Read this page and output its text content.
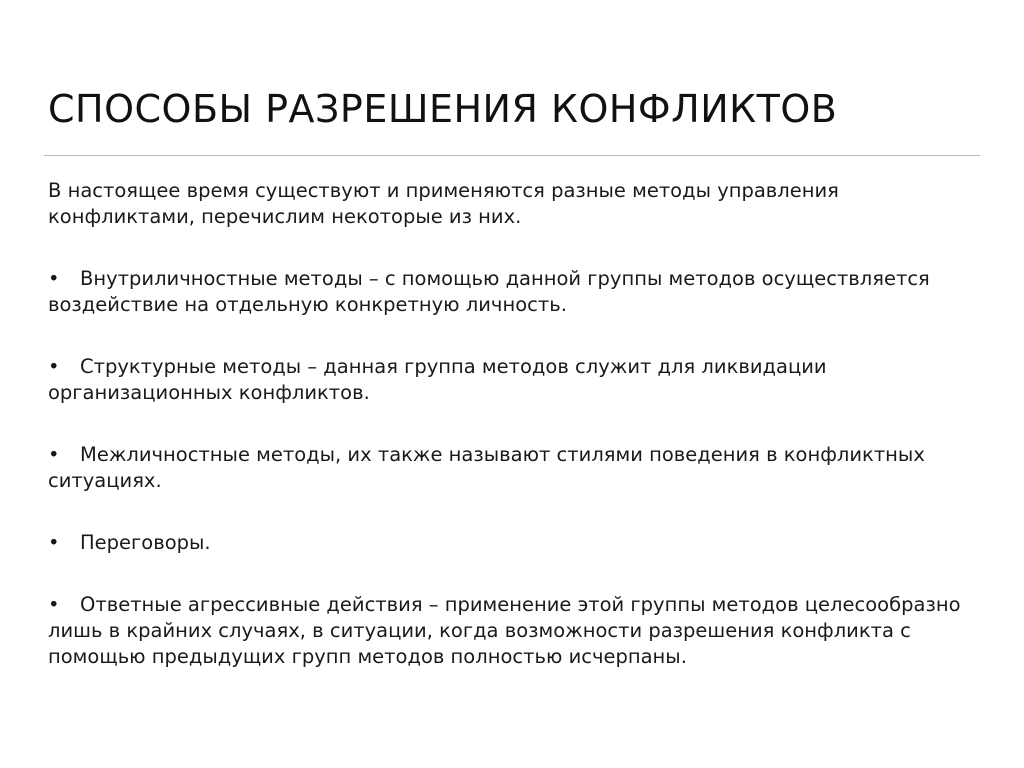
СПОСОБЫ РАЗРЕШЕНИЯ КОНФЛИКТОВ

В настоящее время существуют и применяются разные методы управления конфликтами, перечислим некоторые из них.

• Внутриличностные методы – с помощью данной группы методов осуществляется воздействие на отдельную конкретную личность.

• Структурные методы – данная группа методов служит для ликвидации организационных конфликтов.

• Межличностные методы, их также называют стилями поведения в конфликтных ситуациях.

• Переговоры.

• Ответные агрессивные действия – применение этой группы методов целесообразно лишь в крайних случаях, в ситуации, когда возможности разрешения конфликта с помощью предыдущих групп методов полностью исчерпаны.
